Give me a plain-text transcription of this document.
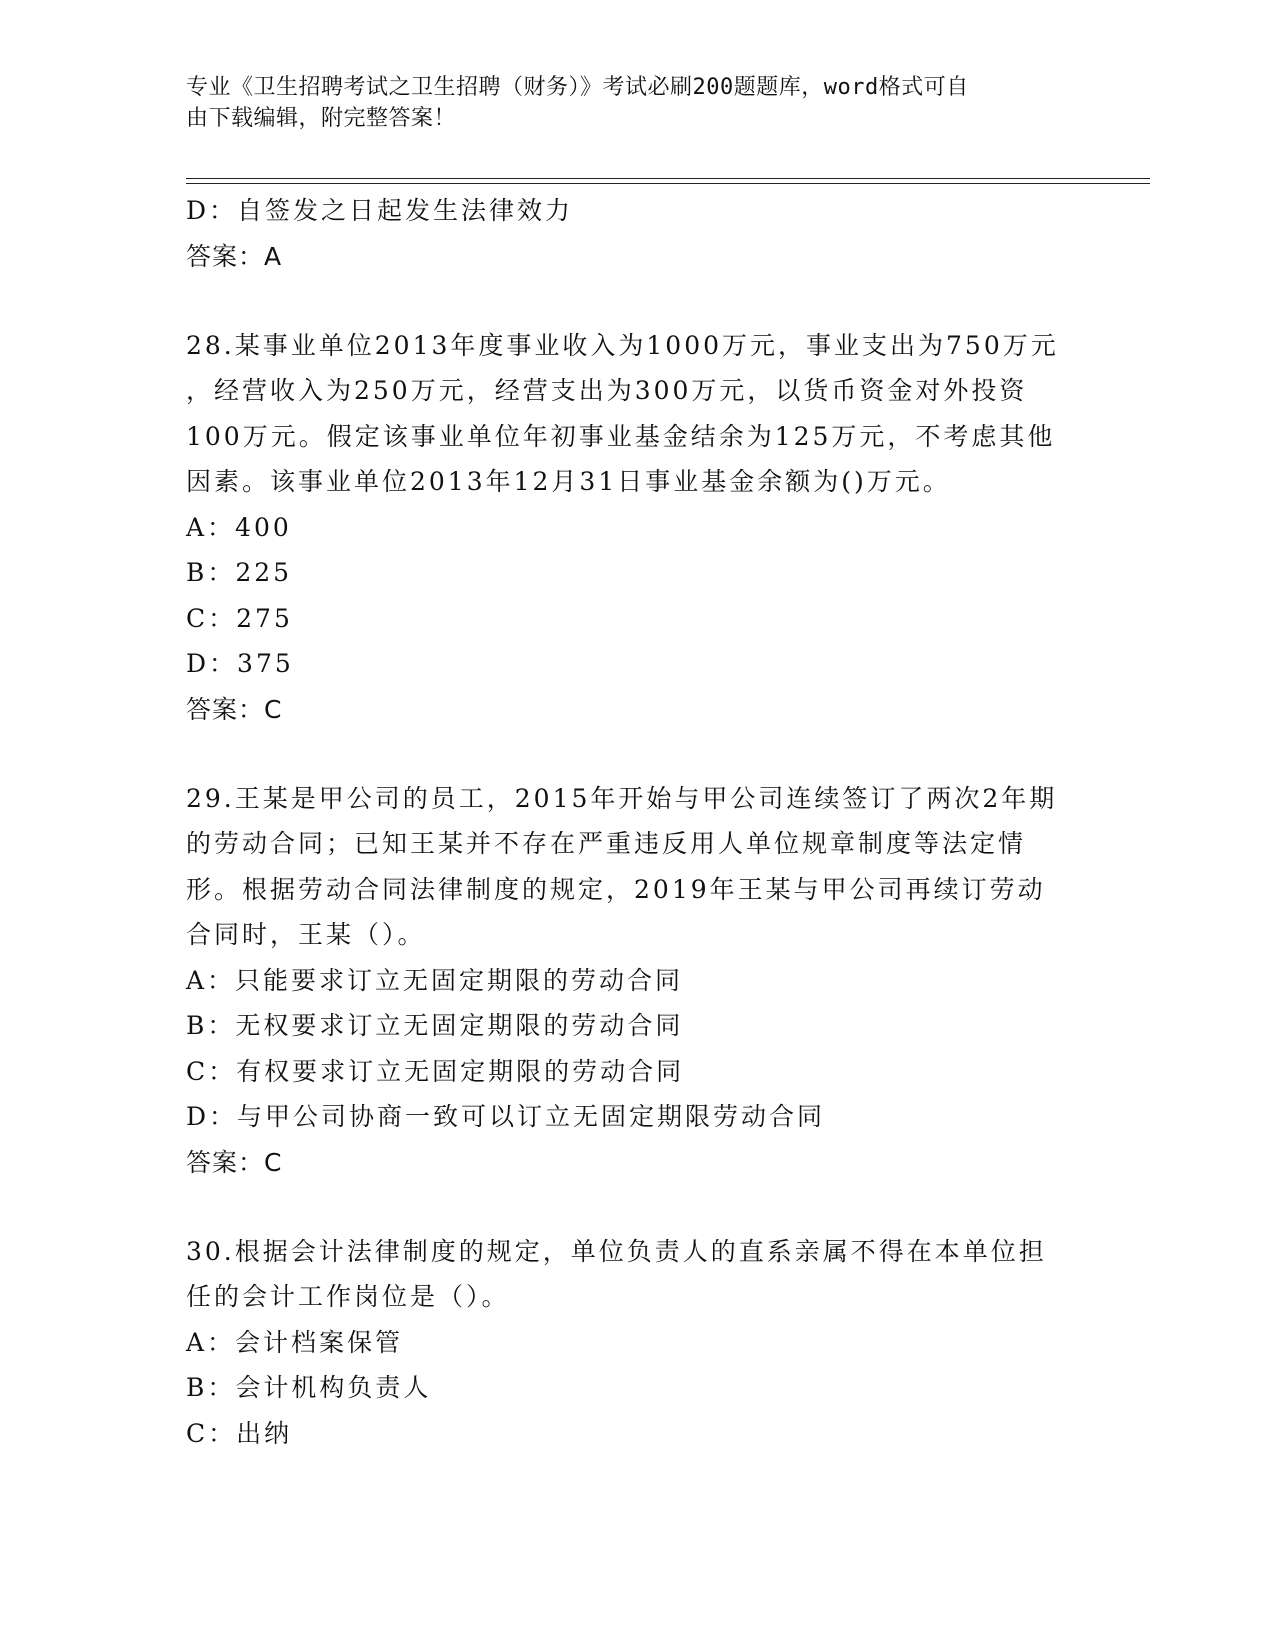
专业《卫生招聘考试之卫生招聘（财务）》考试必刷200题题库，word格式可自
由下载编辑，附完整答案！
D：自签发之日起发生法律效力
答案：A
28.某事业单位2013年度事业收入为1000万元，事业支出为750万元
，经营收入为250万元，经营支出为300万元，以货币资金对外投资
100万元。假定该事业单位年初事业基金结余为125万元，不考虑其他
因素。该事业单位2013年12月31日事业基金余额为()万元。
A：400
B：225
C：275
D：375
答案：C
29.王某是甲公司的员工，2015年开始与甲公司连续签订了两次2年期
的劳动合同；已知王某并不存在严重违反用人单位规章制度等法定情
形。根据劳动合同法律制度的规定，2019年王某与甲公司再续订劳动
合同时，王某（）。
A：只能要求订立无固定期限的劳动合同
B：无权要求订立无固定期限的劳动合同
C：有权要求订立无固定期限的劳动合同
D：与甲公司协商一致可以订立无固定期限劳动合同
答案：C
30.根据会计法律制度的规定，单位负责人的直系亲属不得在本单位担
任的会计工作岗位是（）。
A：会计档案保管
B：会计机构负责人
C：出纳
